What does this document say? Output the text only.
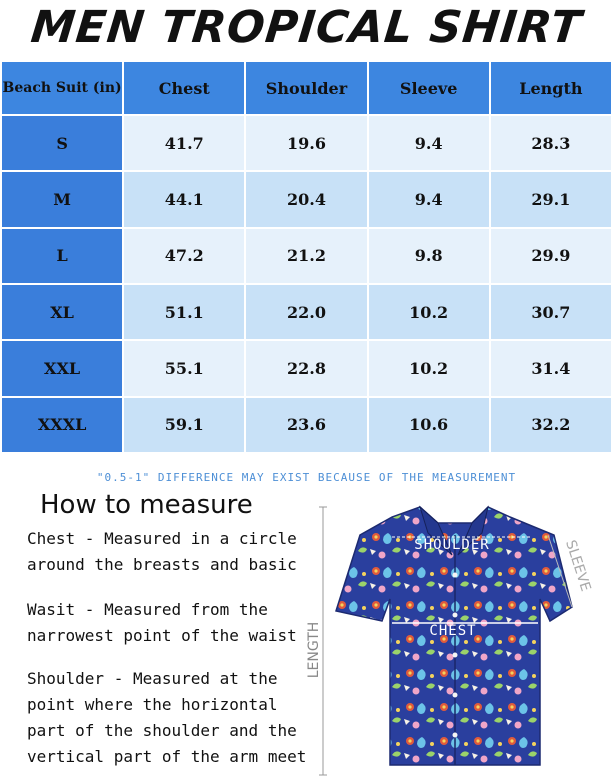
MEN TROPICAL SHIRT
Beach Suit (in)	Chest	Shoulder	Sleeve	Length
S	41.7	19.6	9.4	28.3
M	44.1	20.4	9.4	29.1
L	47.2	21.2	9.8	29.9
XL	51.1	22.0	10.2	30.7
XXL	55.1	22.8	10.2	31.4
XXXL	59.1	23.6	10.6	32.2
"0.5-1" DIFFERENCE MAY EXIST BECAUSE OF THE MEASUREMENT
How to measure
Chest - Measured in a circle around the breasts and basic
Wasit - Measured from the narrowest point of the waist
Shoulder - Measured at the point where the horizontal part of the shoulder and the vertical part of the arm meet
SHOULDER
CHEST
LENGTH
SLEEVE
